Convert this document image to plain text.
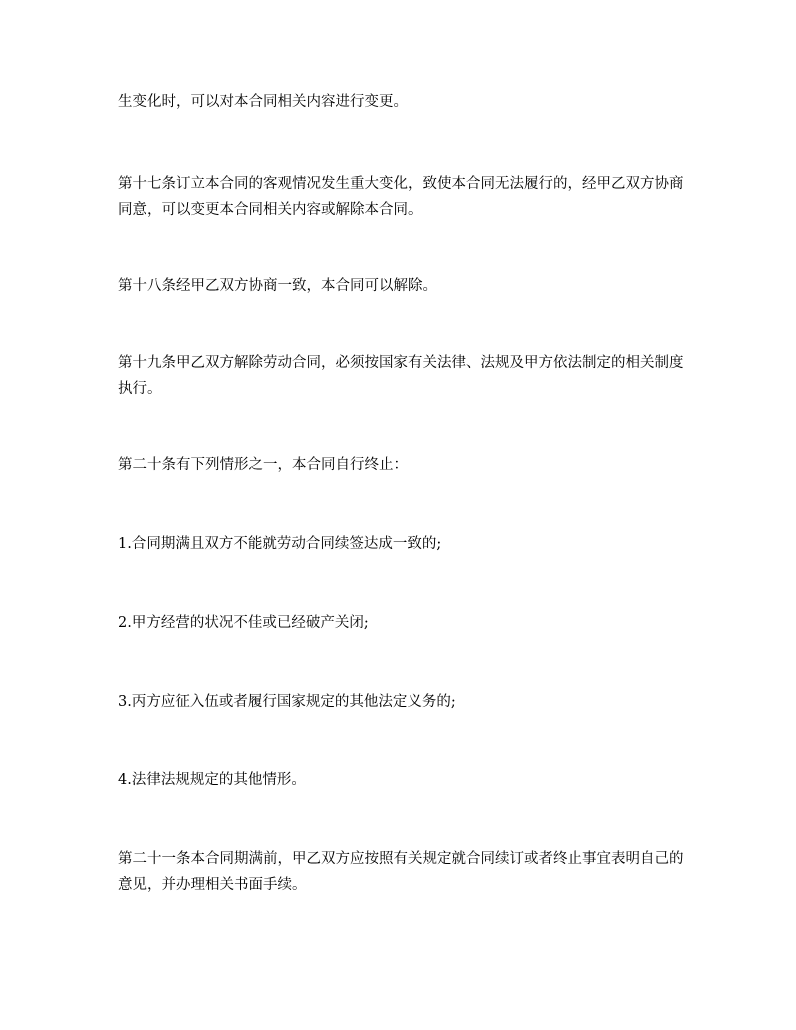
生变化时，可以对本合同相关内容进行变更。

第十七条订立本合同的客观情况发生重大变化，致使本合同无法履行的，经甲乙双方协商同意，可以变更本合同相关内容或解除本合同。

第十八条经甲乙双方协商一致，本合同可以解除。

第十九条甲乙双方解除劳动合同，必须按国家有关法律、法规及甲方依法制定的相关制度执行。

第二十条有下列情形之一，本合同自行终止：

1.合同期满且双方不能就劳动合同续签达成一致的;

2.甲方经营的状况不佳或已经破产关闭;

3.丙方应征入伍或者履行国家规定的其他法定义务的;

4.法律法规规定的其他情形。

第二十一条本合同期满前，甲乙双方应按照有关规定就合同续订或者终止事宜表明自己的意见，并办理相关书面手续。
